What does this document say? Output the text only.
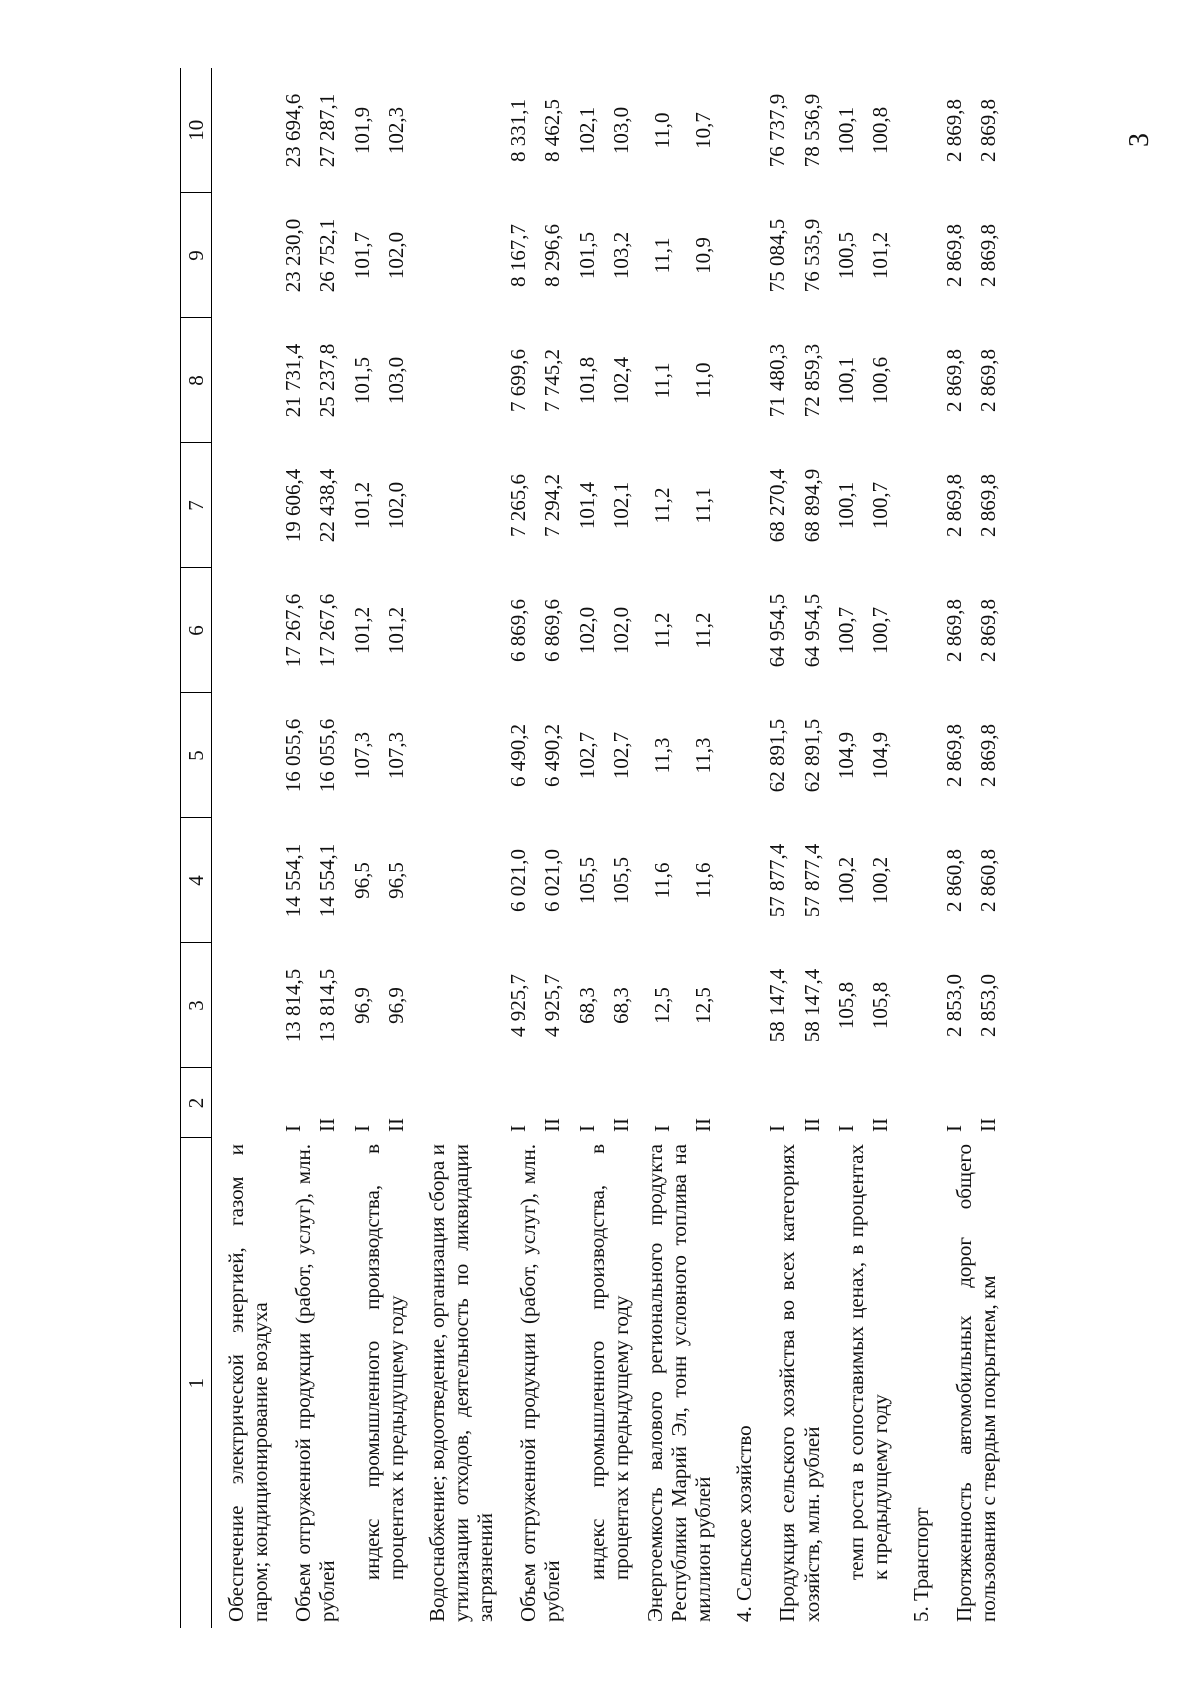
3
1	2	3	4	5	6	7	8	9	10
Обеспечение электрической энергией, газом и паром; кондиционирование воздуха									
Объем отгруженной продукции (работ, услуг), млн. рублей	I	13 814,5	14 554,1	16 055,6	17 267,6	19 606,4	21 731,4	23 230,0	23 694,6
	II	13 814,5	14 554,1	16 055,6	17 267,6	22 438,4	25 237,8	26 752,1	27 287,1
индекс промышленного производства, в процентах к предыдущему году	I	96,9	96,5	107,3	101,2	101,2	101,5	101,7	101,9
	II	96,9	96,5	107,3	101,2	102,0	103,0	102,0	102,3
Водоснабжение; водоотведение, организация сбора и утилизации отходов, деятельность по ликвидации загрязнений									
Объем отгруженной продукции (работ, услуг), млн. рублей	I	4 925,7	6 021,0	6 490,2	6 869,6	7 265,6	7 699,6	8 167,7	8 331,1
	II	4 925,7	6 021,0	6 490,2	6 869,6	7 294,2	7 745,2	8 296,6	8 462,5
индекс промышленного производства, в процентах к предыдущему году	I	68,3	105,5	102,7	102,0	101,4	101,8	101,5	102,1
	II	68,3	105,5	102,7	102,0	102,1	102,4	103,2	103,0
Энергоемкость валового регионального продукта Республики Марий Эл, тонн условного топлива на миллион рублей	I	12,5	11,6	11,3	11,2	11,2	11,1	11,1	11,0
	II	12,5	11,6	11,3	11,2	11,1	11,0	10,9	10,7
4. Сельское хозяйство									
Продукция сельского хозяйства во всех категориях хозяйств, млн. рублей	I	58 147,4	57 877,4	62 891,5	64 954,5	68 270,4	71 480,3	75 084,5	76 737,9
	II	58 147,4	57 877,4	62 891,5	64 954,5	68 894,9	72 859,3	76 535,9	78 536,9
темп роста в сопоставимых ценах, в процентах к предыдущему году	I	105,8	100,2	104,9	100,7	100,1	100,1	100,5	100,1
	II	105,8	100,2	104,9	100,7	100,7	100,6	101,2	100,8
5. Транспорт									
Протяженность автомобильных дорог общего пользования с твердым покрытием, км	I	2 853,0	2 860,8	2 869,8	2 869,8	2 869,8	2 869,8	2 869,8	2 869,8
	II	2 853,0	2 860,8	2 869,8	2 869,8	2 869,8	2 869,8	2 869,8	2 869,8
